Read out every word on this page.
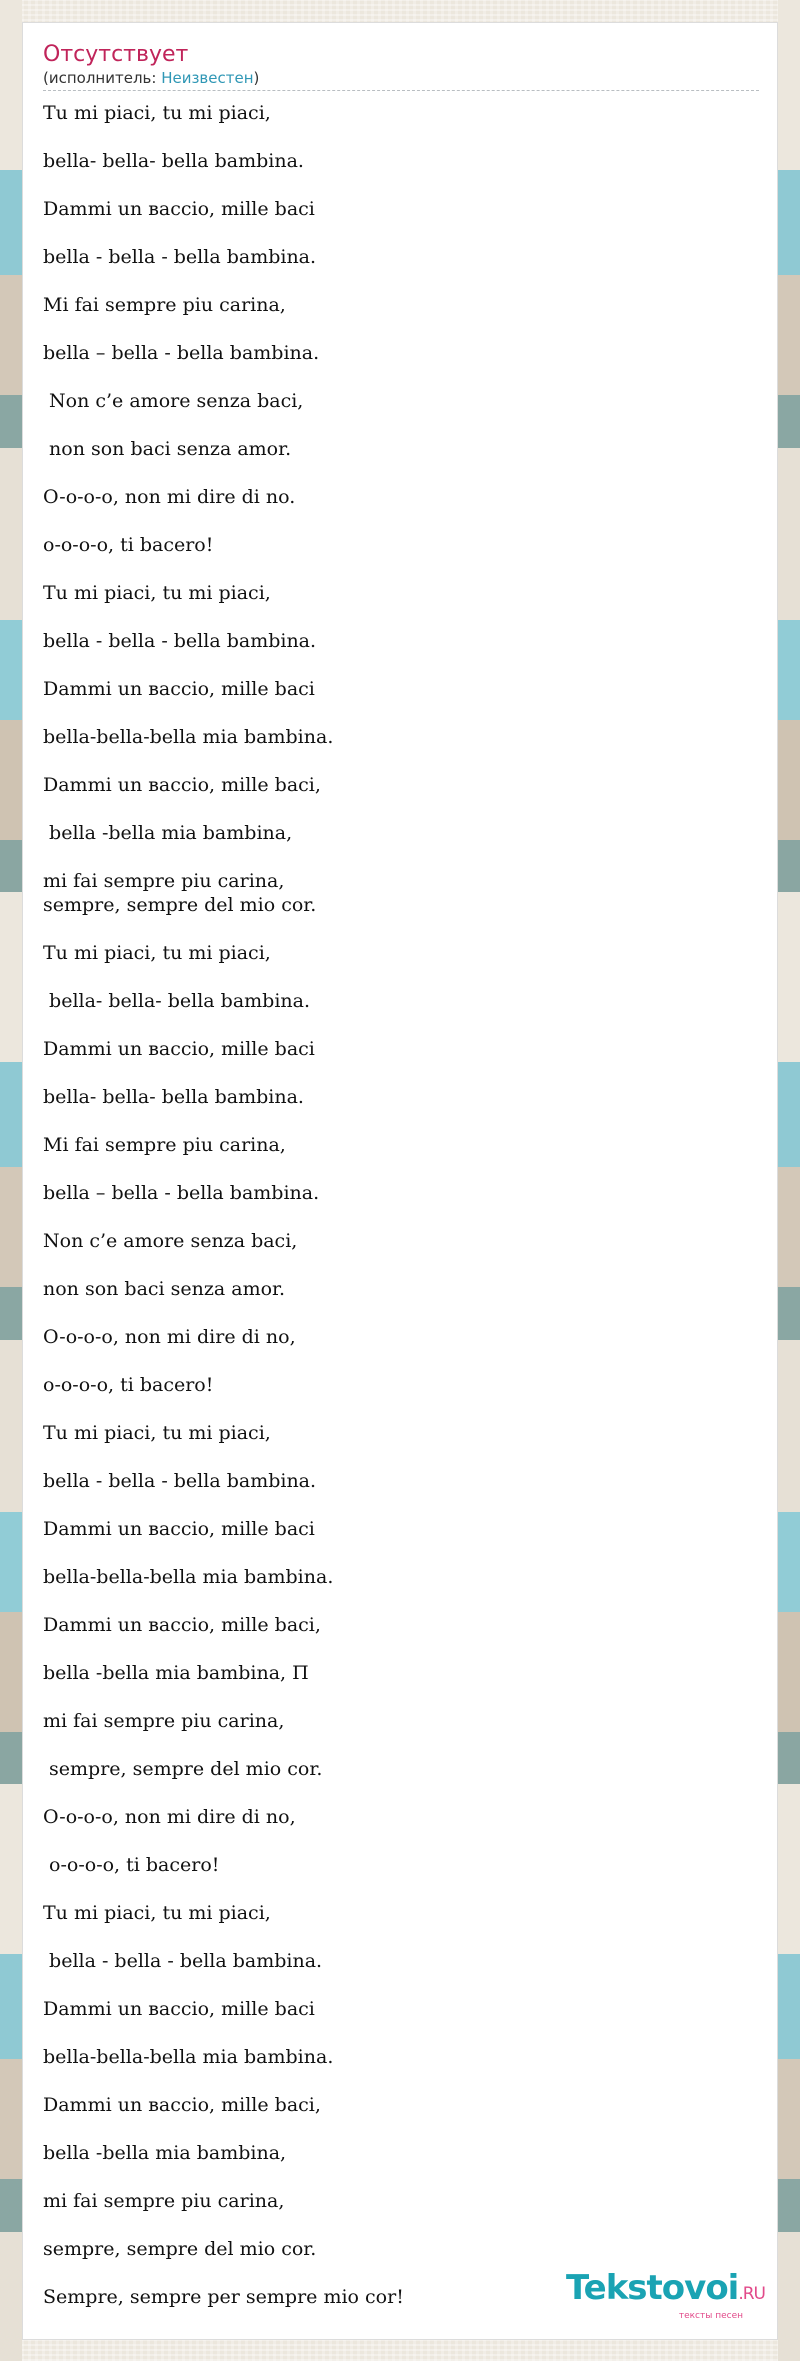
Отсутствует
(исполнитель: Неизвестен)
Tu mi piaci, tu mi piaci,
bella- bella- bella bambina.
Dammi un вaccio, mille baci
bella - bella - bella bambina.
Mi fai sempre piu carina,
bella – bella - bella bambina.
Non c’e amore senza baci,
non son baci senza amor.
O-o-o-o, non mi dire di no.
o-o-o-o, ti bacero!
Tu mi piaci, tu mi piaci,
bella - bella - bella bambina.
Dammi un вaccio, mille baci
bella-bella-bella mia bambina.
Dammi un вaccio, mille baci,
bella -bella mia bambina,
mi fai sempre piu carina,
sempre, sempre del mio cor.
Tu mi piaci, tu mi piaci,
bella- bella- bella bambina.
Dammi un вaccio, mille baci
bella- bella- bella bambina.
Mi fai sempre piu carina,
bella – bella - bella bambina.
Non c’e amore senza baci,
non son baci senza amor.
O-o-o-o, non mi dire di no,
o-o-o-o, ti bacero!
Tu mi piaci, tu mi piaci,
bella - bella - bella bambina.
Dammi un вaccio, mille baci
bella-bella-bella mia bambina.
Dammi un вaccio, mille baci,
bella -bella mia bambina, П
mi fai sempre piu carina,
sempre, sempre del mio cor.
O-o-o-o, non mi dire di no,
o-o-o-o, ti bacero!
Tu mi piaci, tu mi piaci,
bella - bella - bella bambina.
Dammi un вaccio, mille baci
bella-bella-bella mia bambina.
Dammi un вaccio, mille baci,
bella -bella mia bambina,
mi fai sempre piu carina,
sempre, sempre del mio cor.
Sempre, sempre per sempre mio cor!	Tekstovoi.RU
тексты песен
